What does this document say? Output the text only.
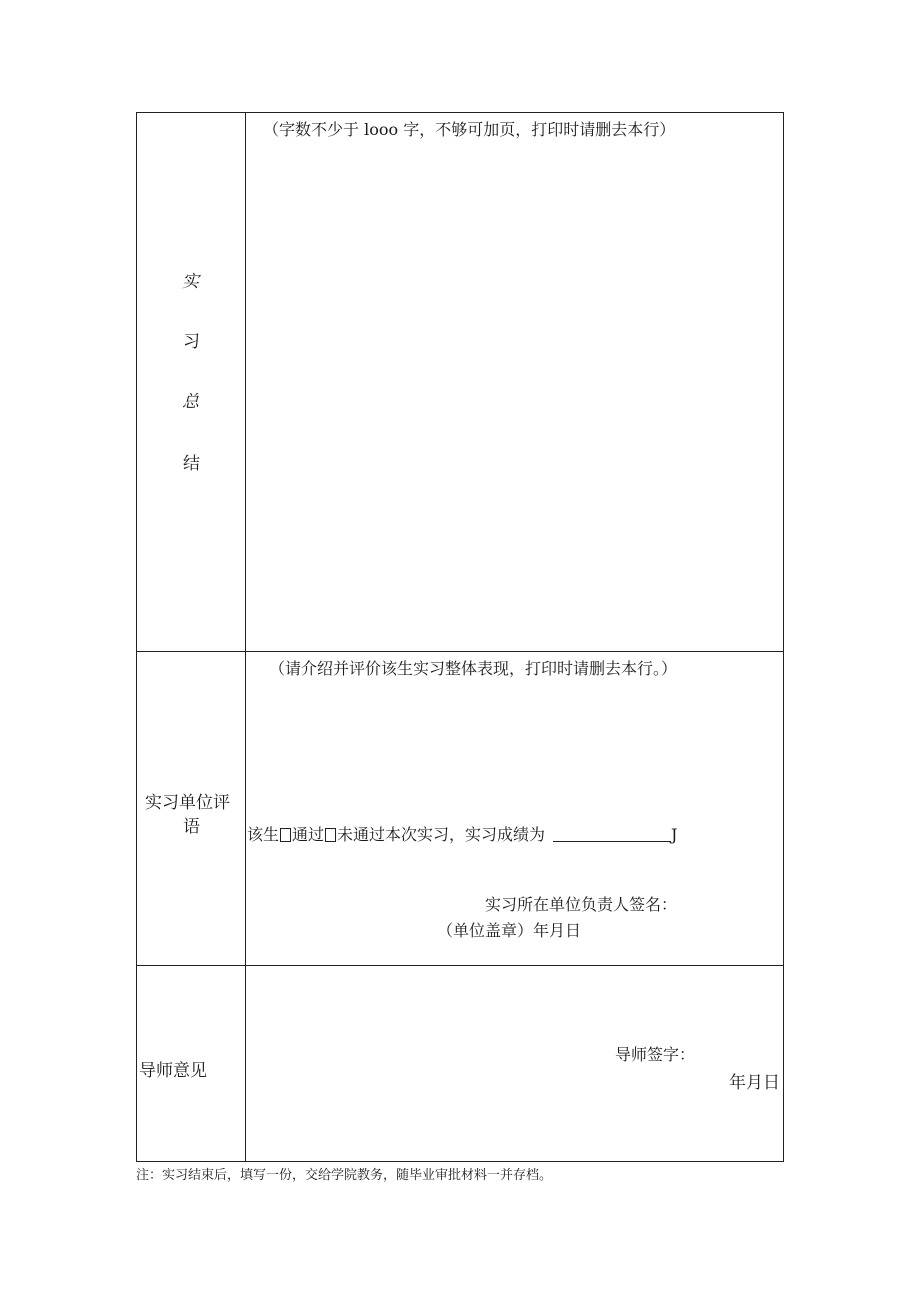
实
习
总
结
（字数不少于 looo 字，不够可加页，打印时请删去本行）
实习单位评
语
（请介绍并评价该生实习整体表现，打印时请删去本行。）
该生 通过 未通过本次实习，实习成绩为	J
实习所在单位负责人签名：
（单位盖章）年月日
导师意见
导师签字：
年月日
注：实习结束后，填写一份，交给学院教务，随毕业审批材料一并存档。
